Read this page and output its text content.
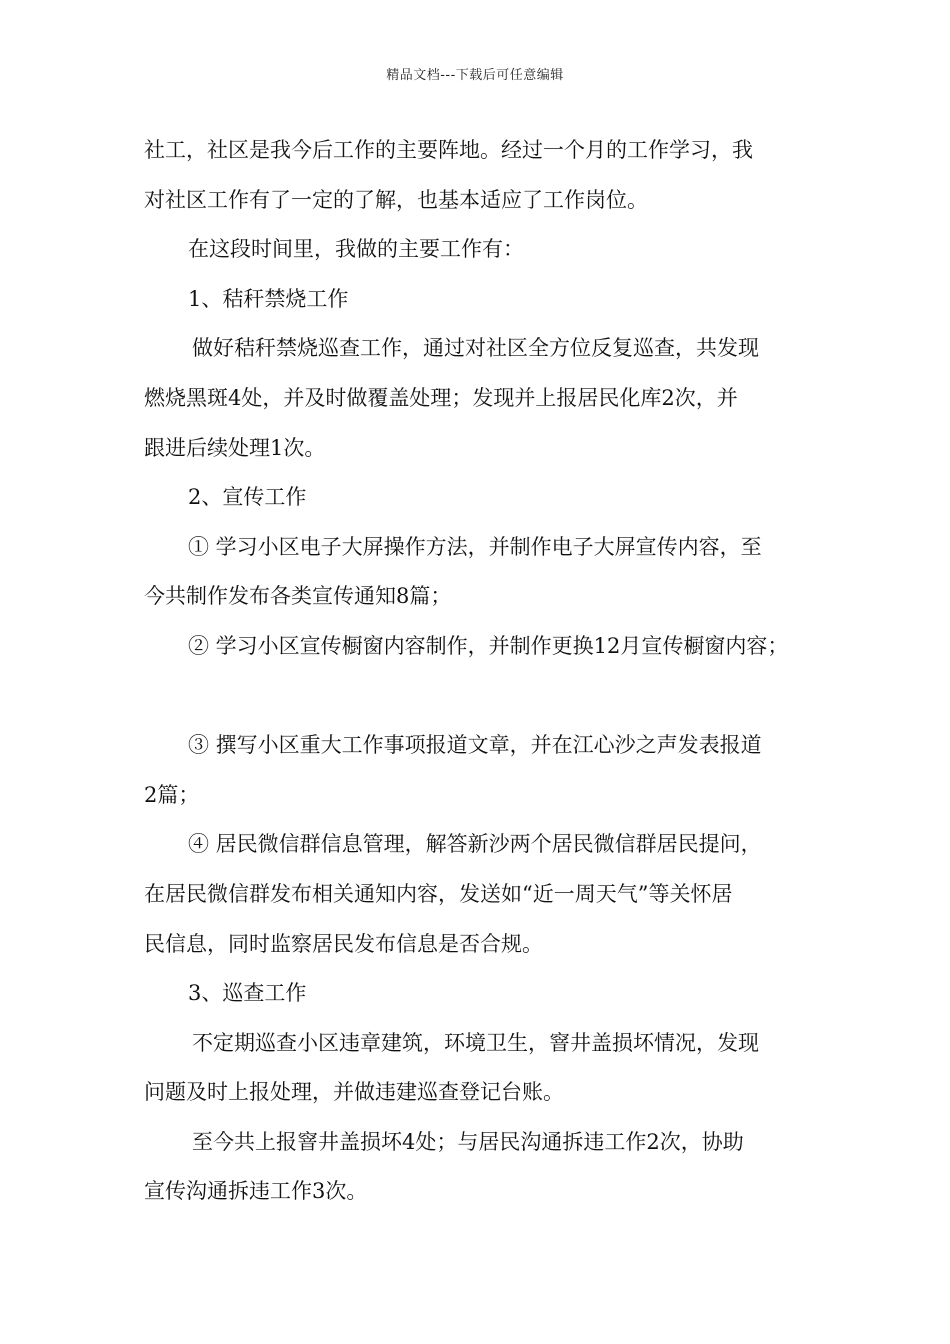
精品文档---下载后可任意编辑
社工，社区是我今后工作的主要阵地。经过一个月的工作学习，我
对社区工作有了一定的了解，也基本适应了工作岗位。
在这段时间里，我做的主要工作有：
1、秸秆禁烧工作
做好秸秆禁烧巡查工作，通过对社区全方位反复巡查，共发现
燃烧黑斑4处，并及时做覆盖处理；发现并上报居民化库2次，并
跟进后续处理1次。
2、宣传工作
① 学习小区电子大屏操作方法，并制作电子大屏宣传内容，至
今共制作发布各类宣传通知8篇；
② 学习小区宣传橱窗内容制作，并制作更换12月宣传橱窗内容；
③ 撰写小区重大工作事项报道文章，并在江心沙之声发表报道
2篇；
④ 居民微信群信息管理，解答新沙两个居民微信群居民提问，
在居民微信群发布相关通知内容，发送如“近一周天气”等关怀居
民信息，同时监察居民发布信息是否合规。
3、巡查工作
不定期巡查小区违章建筑，环境卫生，窨井盖损坏情况，发现
问题及时上报处理，并做违建巡查登记台账。
至今共上报窨井盖损坏4处；与居民沟通拆违工作2次，协助
宣传沟通拆违工作3次。
